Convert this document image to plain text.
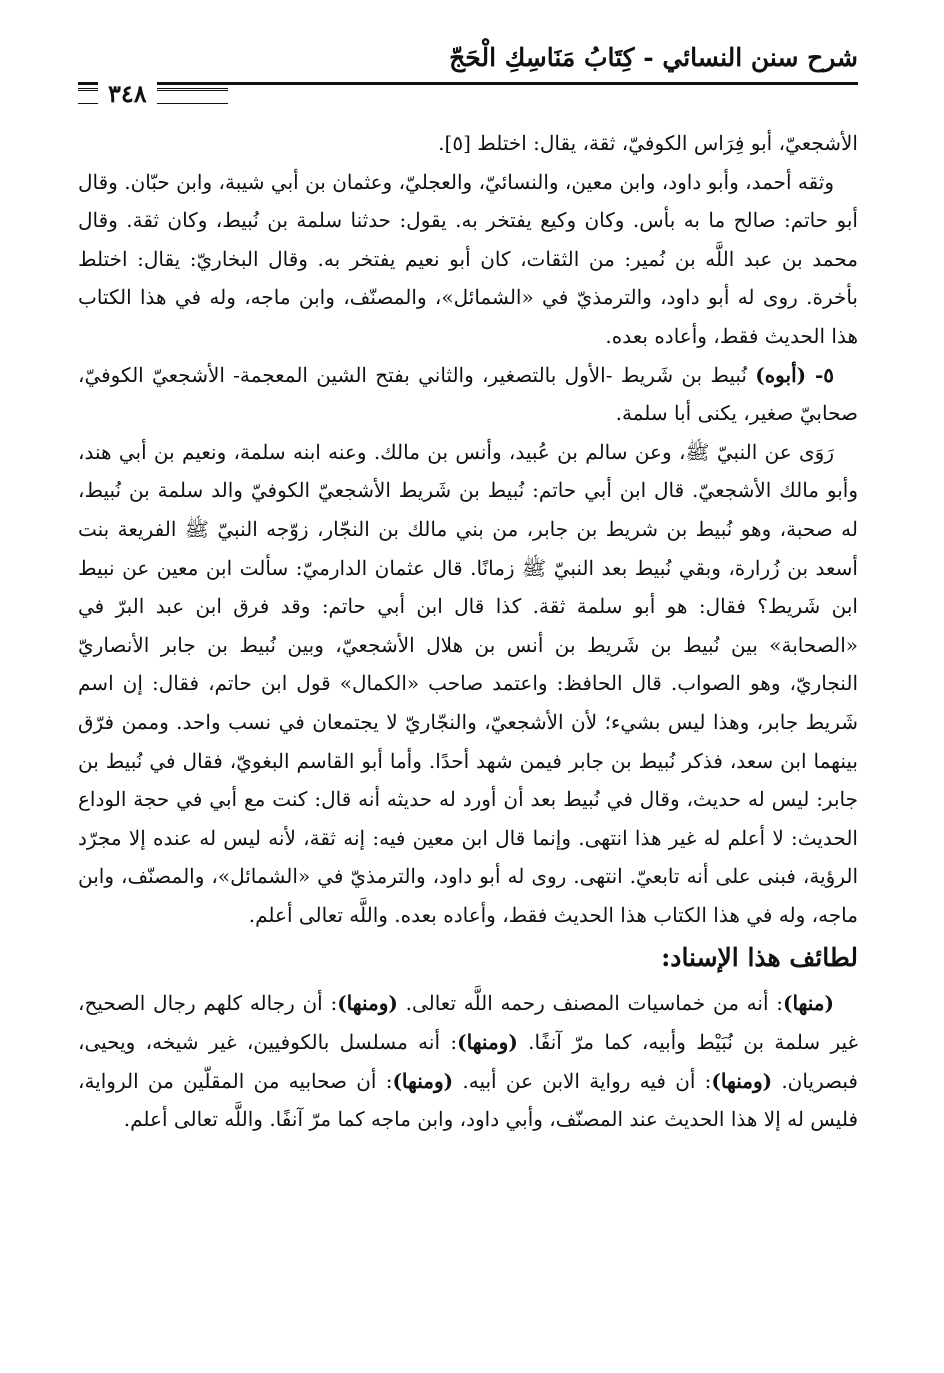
شرح سنن النسائي - كِتَابُ مَنَاسِكِ الْحَجّ
٣٤٨

الأشجعيّ، أبو فِرَاس الكوفيّ، ثقة، يقال: اختلط [٥].

وثقه أحمد، وأبو داود، وابن معين، والنسائيّ، والعجليّ، وعثمان بن أبي شيبة، وابن حبّان. وقال أبو حاتم: صالح ما به بأس. وكان وكيع يفتخر به. يقول: حدثنا سلمة بن نُبيط، وكان ثقة. وقال محمد بن عبد اللَّه بن نُمير: من الثقات، كان أبو نعيم يفتخر به. وقال البخاريّ: يقال: اختلط بأخرة. روى له أبو داود، والترمذيّ في «الشمائل»، والمصنّف، وابن ماجه، وله في هذا الكتاب هذا الحديث فقط، وأعاده بعده.

٥- (أبوه) نُبيط بن شَريط -الأول بالتصغير، والثاني بفتح الشين المعجمة- الأشجعيّ الكوفيّ، صحابيّ صغير، يكنى أبا سلمة.

رَوَى عن النبيّ ﷺ، وعن سالم بن عُبيد، وأنس بن مالك. وعنه ابنه سلمة، ونعيم بن أبي هند، وأبو مالك الأشجعيّ. قال ابن أبي حاتم: نُبيط بن شَريط الأشجعيّ الكوفيّ والد سلمة بن نُبيط، له صحبة، وهو نُبيط بن شريط بن جابر، من بني مالك بن النجّار، زوّجه النبيّ ﷺ الفريعة بنت أسعد بن زُرارة، وبقي نُبيط بعد النبيّ ﷺ زمانًا. قال عثمان الدارميّ: سألت ابن معين عن نبيط ابن شَريط؟ فقال: هو أبو سلمة ثقة. كذا قال ابن أبي حاتم: وقد فرق ابن عبد البرّ في «الصحابة» بين نُبيط بن شَريط بن أنس بن هلال الأشجعيّ، وبين نُبيط بن جابر الأنصاريّ النجاريّ، وهو الصواب. قال الحافظ: واعتمد صاحب «الكمال» قول ابن حاتم، فقال: إن اسم شَريط جابر، وهذا ليس بشيء؛ لأن الأشجعيّ، والنجّاريّ لا يجتمعان في نسب واحد. وممن فرّق بينهما ابن سعد، فذكر نُبيط بن جابر فيمن شهد أحدًا. وأما أبو القاسم البغويّ، فقال في نُبيط بن جابر: ليس له حديث، وقال في نُبيط بعد أن أورد له حديثه أنه قال: كنت مع أبي في حجة الوداع الحديث: لا أعلم له غير هذا انتهى. وإنما قال ابن معين فيه: إنه ثقة، لأنه ليس له عنده إلا مجرّد الرؤية، فبنى على أنه تابعيّ. انتهى. روى له أبو داود، والترمذيّ في «الشمائل»، والمصنّف، وابن ماجه، وله في هذا الكتاب هذا الحديث فقط، وأعاده بعده. واللَّه تعالى أعلم.

لطائف هذا الإسناد:

(منها): أنه من خماسيات المصنف رحمه اللَّه تعالى. (ومنها): أن رجاله كلهم رجال الصحيح، غير سلمة بن نُبَيْط وأبيه، كما مرّ آنفًا. (ومنها): أنه مسلسل بالكوفيين، غير شيخه، ويحيى، فبصريان. (ومنها): أن فيه رواية الابن عن أبيه. (ومنها): أن صحابيه من المقلّين من الرواية، فليس له إلا هذا الحديث عند المصنّف، وأبي داود، وابن ماجه كما مرّ آنفًا. واللَّه تعالى أعلم.
